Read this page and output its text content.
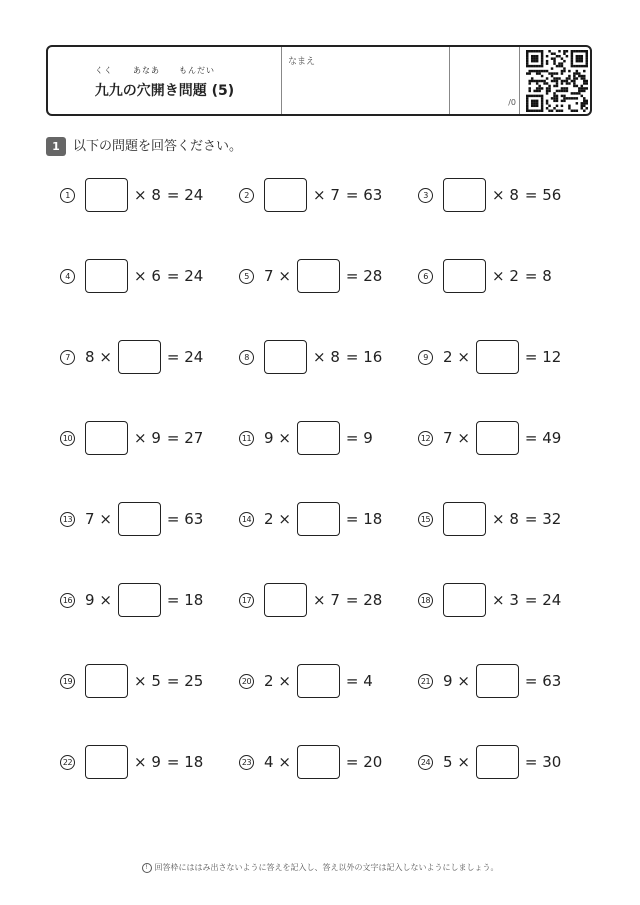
くく	あなあ もんだい
九九の穴開き問題 (5)
なまえ
/0
1	以下の問題を回答ください。
1	× 8 = 24	2	× 7 = 63	3	× 8 = 56
4	× 6 = 24	5	7 ×	= 28	6	× 2 = 8
7	8 ×	= 24	8	× 8 = 16	9	2 ×	= 12
10	× 9 = 27	11 9 ×	= 9	12 7 ×	= 49
13 7 ×	= 63	14 2 ×	= 18	15	× 8 = 32
16 9 ×	= 18	17	× 7 = 28	18	× 3 = 24
19	× 5 = 25	20 2 ×	= 4	21 9 ×	= 63
22	× 9 = 18	23 4 ×	= 20	24 5 ×	= 30
! 回答枠にははみ出さないように答えを記入し、答え以外の文字は記入しないようにしましょう。
